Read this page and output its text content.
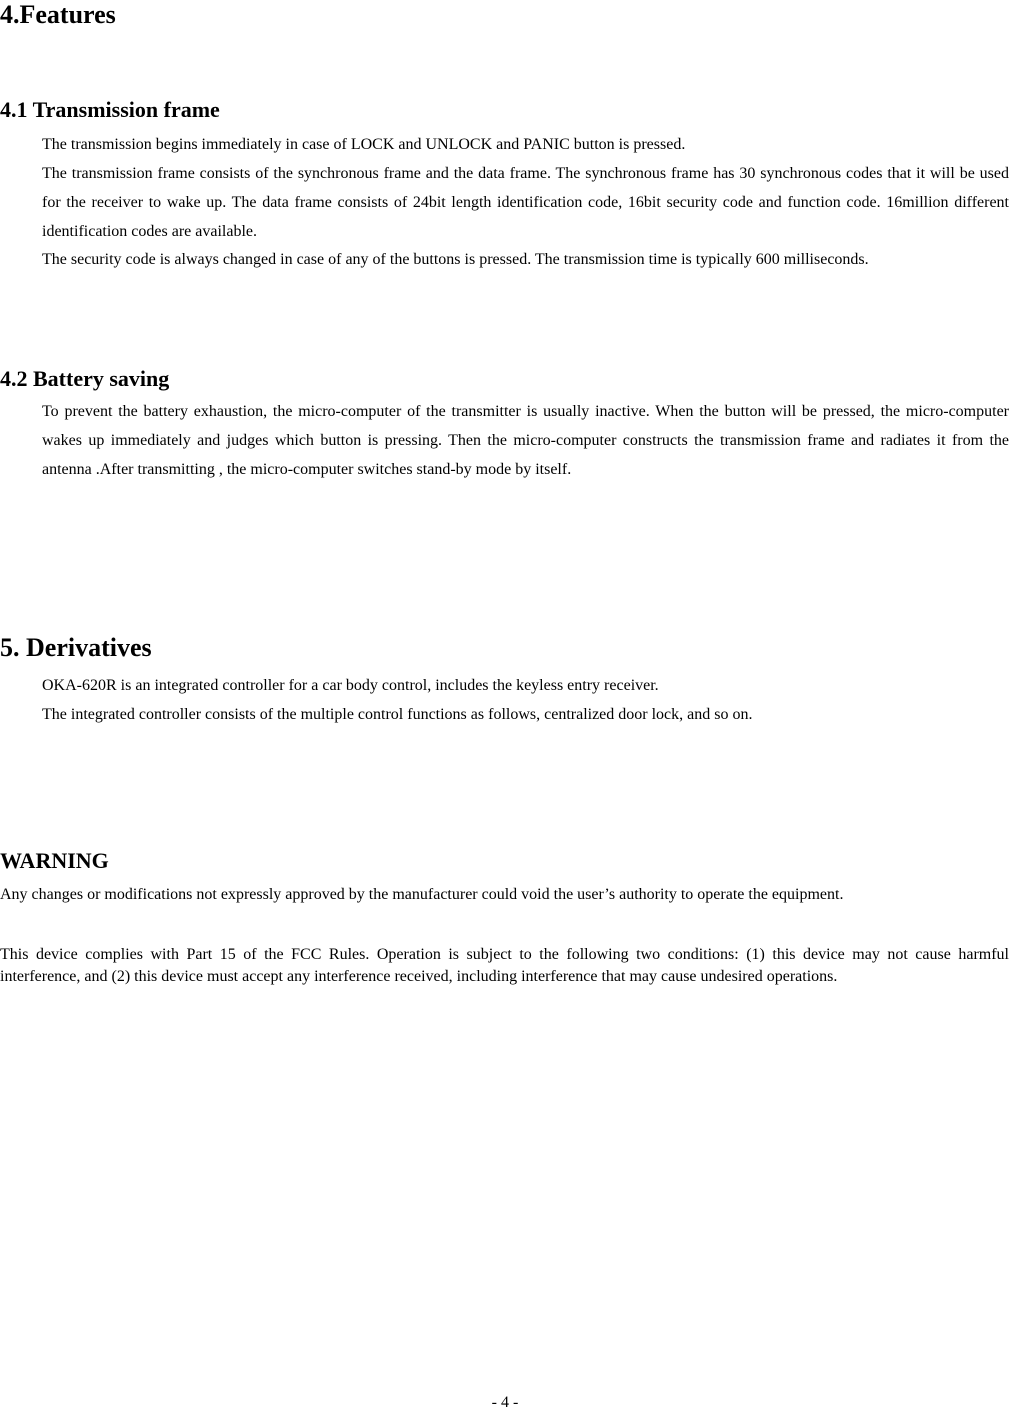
4.Features
4.1 Transmission frame

The transmission begins immediately in case of LOCK and UNLOCK and PANIC button is pressed.

The transmission frame consists of the synchronous frame and the data frame. The synchronous frame has 30 synchronous codes that it will be used for the receiver to wake up. The data frame consists of 24bit length identification code, 16bit security code and function code. 16million different identification codes are available.

The security code is always changed in case of any of the buttons is pressed. The transmission time is typically 600 milliseconds.

4.2 Battery saving

To prevent the battery exhaustion, the micro-computer of the transmitter is usually inactive. When the button will be pressed, the micro-computer wakes up immediately and judges which button is pressing. Then the micro-computer constructs the transmission frame and radiates it from the antenna .After transmitting , the micro-computer switches stand-by mode by itself.

5. Derivatives

OKA-620R is an integrated controller for a car body control, includes the keyless entry receiver.

The integrated controller consists of the multiple control functions as follows, centralized door lock, and so on.

WARNING

Any changes or modifications not expressly approved by the manufacturer could void the user’s authority to operate the equipment.

This device complies with Part 15 of the FCC Rules. Operation is subject to the following two conditions: (1) this device may not cause harmful interference, and (2) this device must accept any interference received, including interference that may cause undesired operations.

- 4 -
